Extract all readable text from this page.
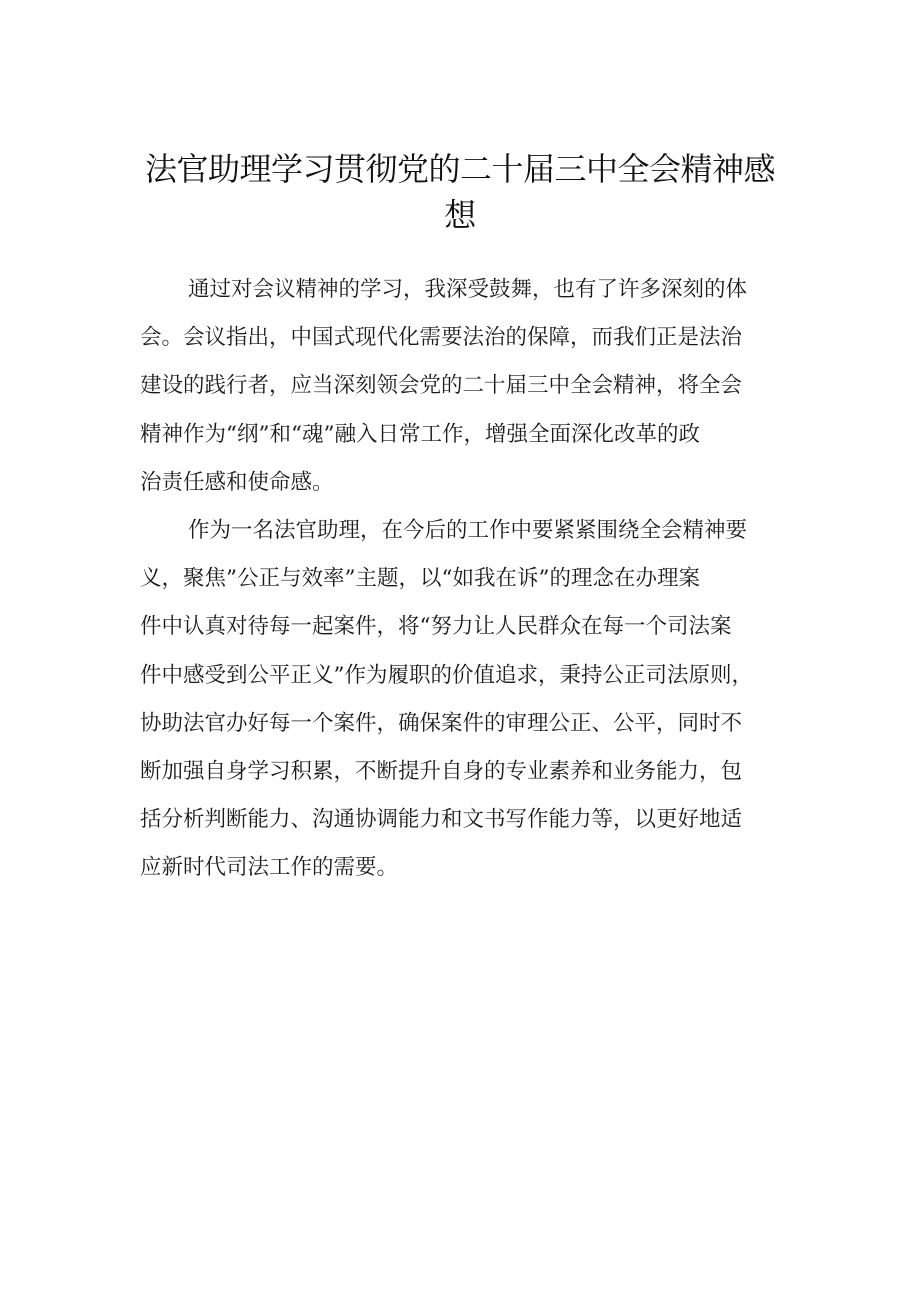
法官助理学习贯彻党的二十届三中全会精神感
想

通过对会议精神的学习，我深受鼓舞，也有了许多深刻的体
会。会议指出，中国式现代化需要法治的保障，而我们正是法治
建设的践行者，应当深刻领会党的二十届三中全会精神，将全会
精神作为“纲”和“魂”融入日常工作，增强全面深化改革的政
治责任感和使命感。

作为一名法官助理，在今后的工作中要紧紧围绕全会精神要
义，聚焦”公正与效率”主题，以“如我在诉”的理念在办理案
件中认真对待每一起案件，将“努力让人民群众在每一个司法案
件中感受到公平正义”作为履职的价值追求，秉持公正司法原则，
协助法官办好每一个案件，确保案件的审理公正、公平，同时不
断加强自身学习积累，不断提升自身的专业素养和业务能力，包
括分析判断能力、沟通协调能力和文书写作能力等，以更好地适
应新时代司法工作的需要。
